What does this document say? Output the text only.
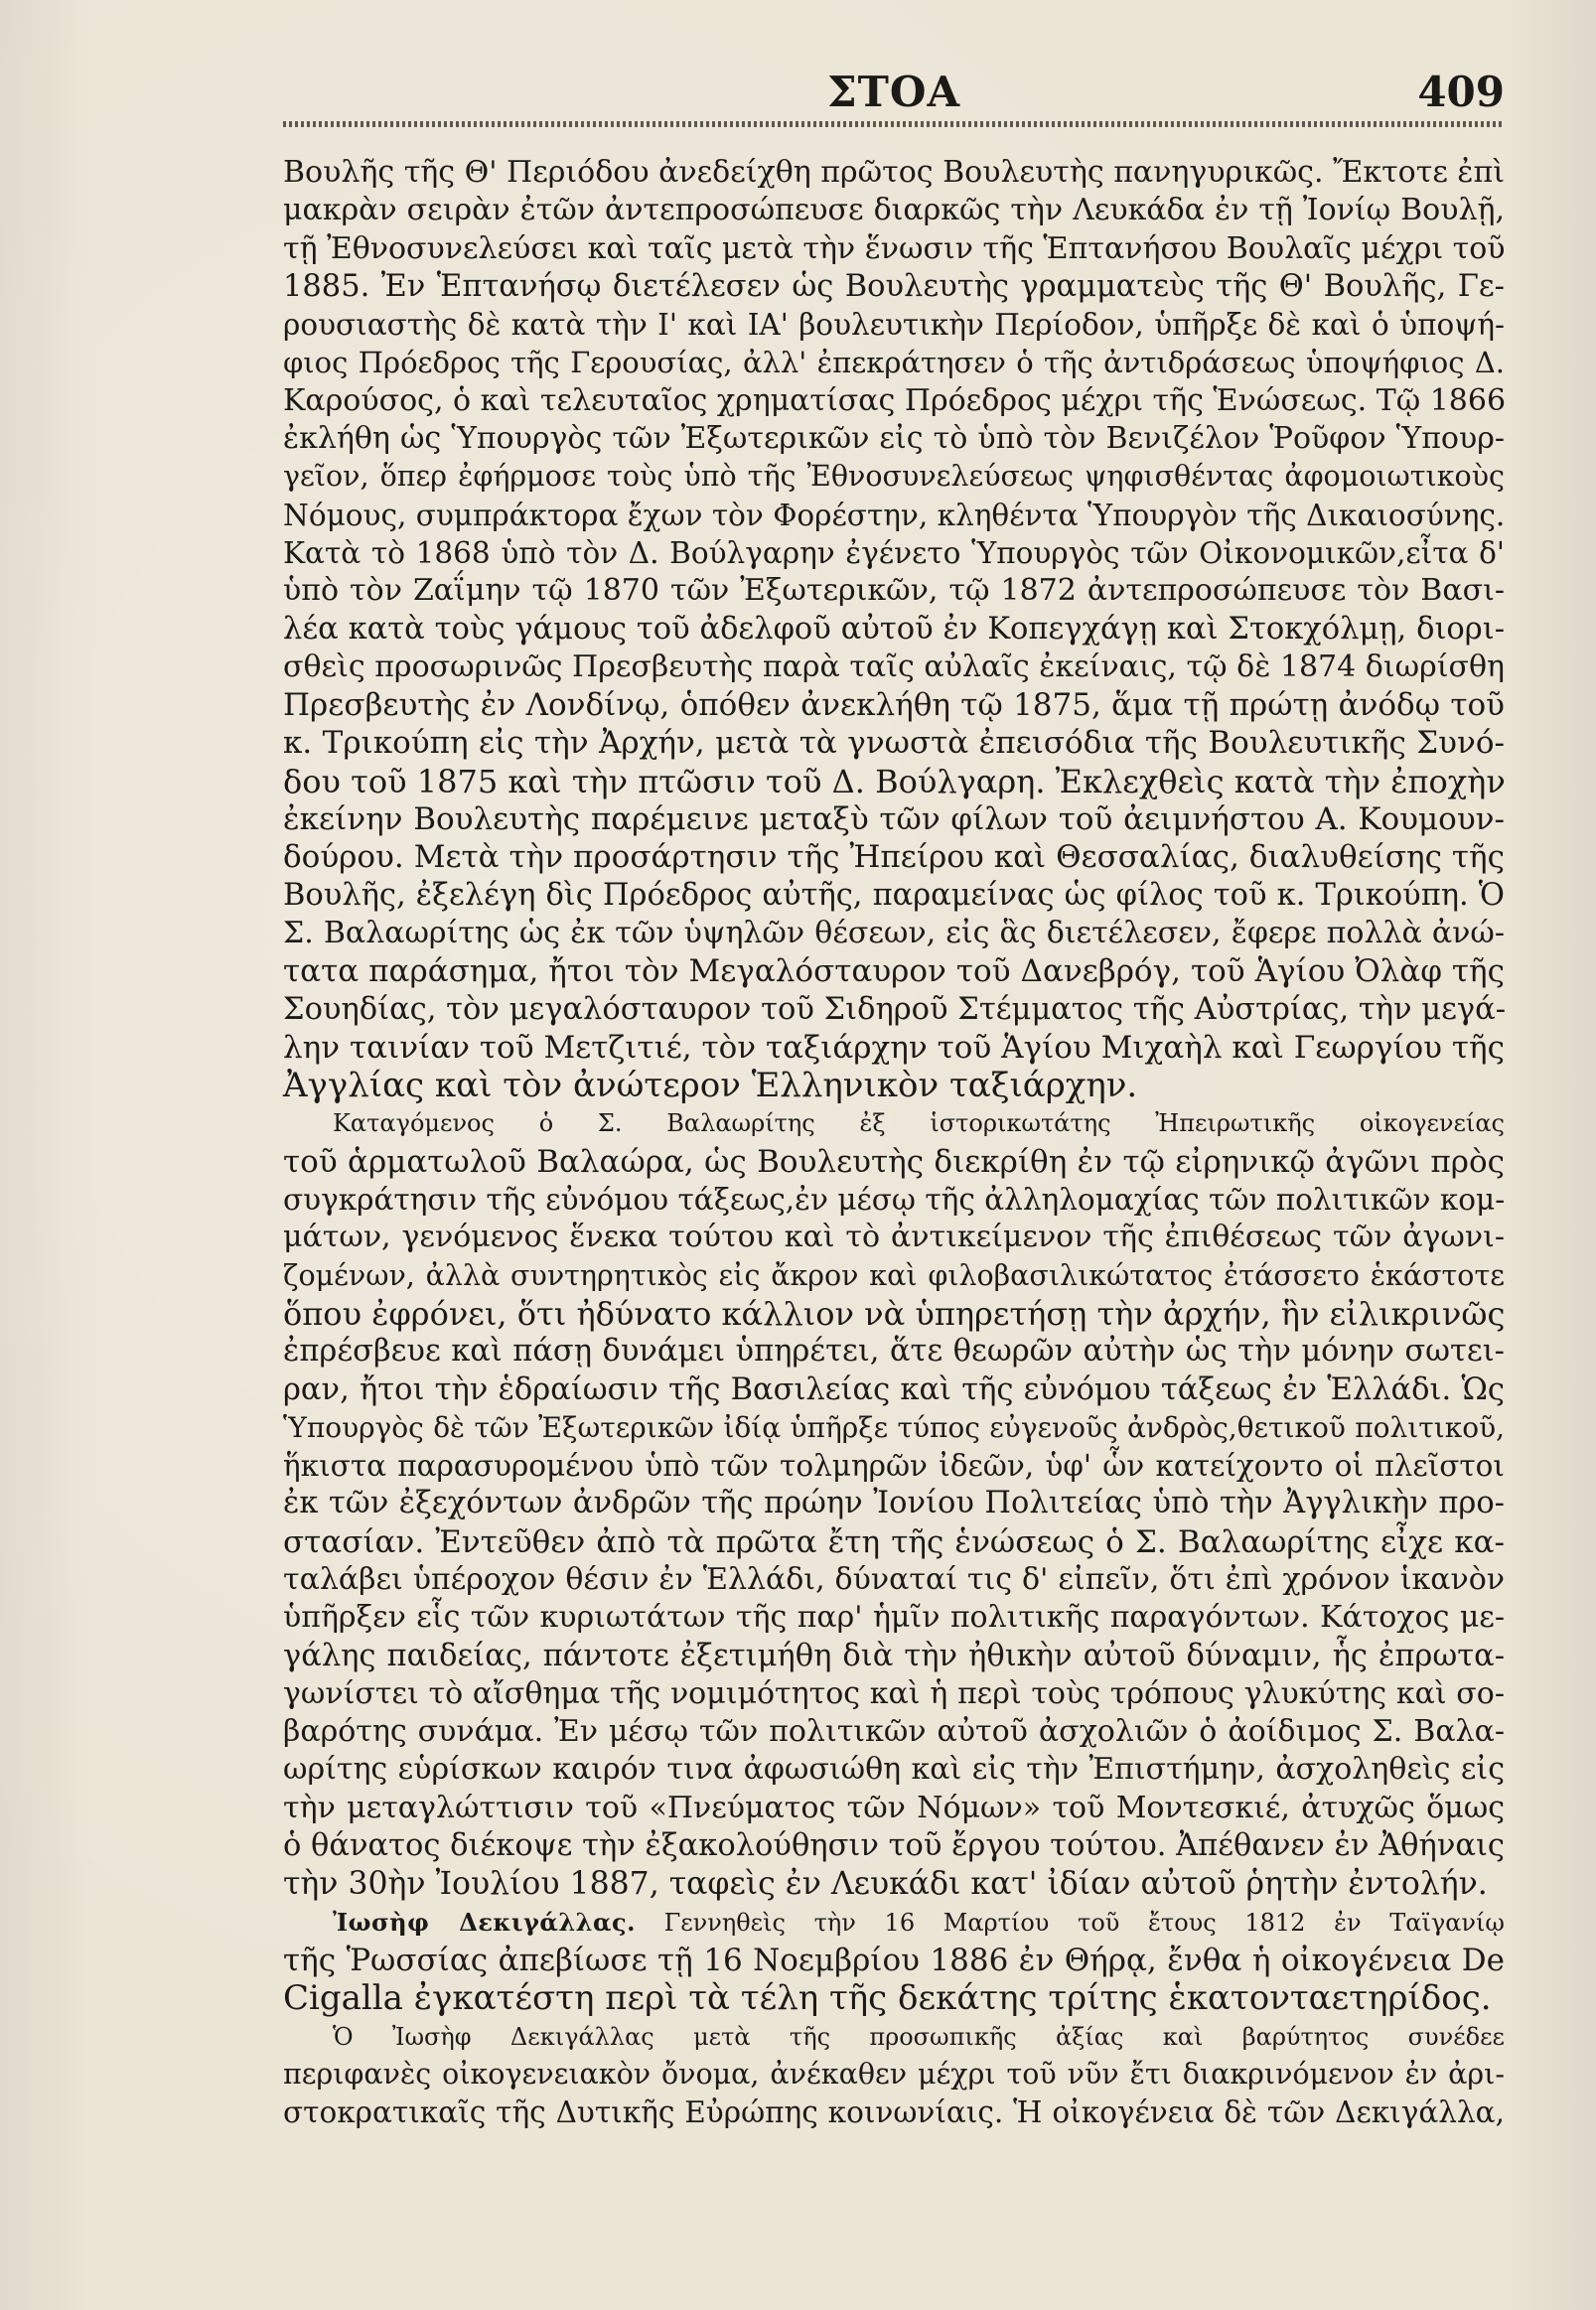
ΣΤΟΑ	409
Βουλῆς τῆς Θ' Περιόδου ἀνεδείχθη πρῶτος Βουλευτὴς πανηγυρικῶς. Ἔκτοτε ἐπὶ
μακρὰν σειρὰν ἐτῶν ἀντεπροσώπευσε διαρκῶς τὴν Λευκάδα ἐν τῇ Ἰονίῳ Βουλῇ,
τῇ Ἐθνοσυνελεύσει καὶ ταῖς μετὰ τὴν ἕνωσιν τῆς Ἑπτανήσου Βουλαῖς μέχρι τοῦ
1885. Ἐν Ἑπτανήσῳ διετέλεσεν ὡς Βουλευτὴς γραμματεὺς τῆς Θ' Βουλῆς, Γε-
ρουσιαστὴς δὲ κατὰ τὴν Ι' καὶ ΙΑ' βουλευτικὴν Περίοδον, ὑπῆρξε δὲ καὶ ὁ ὑποψή-
φιος Πρόεδρος τῆς Γερουσίας, ἀλλ' ἐπεκράτησεν ὁ τῆς ἀντιδράσεως ὑποψήφιος Δ.
Καρούσος, ὁ καὶ τελευταῖος χρηματίσας Πρόεδρος μέχρι τῆς Ἑνώσεως. Τῷ 1866
ἐκλήθη ὡς Ὑπουργὸς τῶν Ἐξωτερικῶν εἰς τὸ ὑπὸ τὸν Βενιζέλον Ῥοῦφον Ὑπουρ-
γεῖον, ὅπερ ἐφήρμοσε τοὺς ὑπὸ τῆς Ἐθνοσυνελεύσεως ψηφισθέντας ἀφομοιωτικοὺς
Νόμους, συμπράκτορα ἔχων τὸν Φορέστην, κληθέντα Ὑπουργὸν τῆς Δικαιοσύνης.
Κατὰ τὸ 1868 ὑπὸ τὸν Δ. Βούλγαρην ἐγένετο Ὑπουργὸς τῶν Οἰκονομικῶν,εἶτα δ'
ὑπὸ τὸν Ζαΐμην τῷ 1870 τῶν Ἐξωτερικῶν, τῷ 1872 ἀντεπροσώπευσε τὸν Βασι-
λέα κατὰ τοὺς γάμους τοῦ ἀδελφοῦ αὐτοῦ ἐν Κοπεγχάγῃ καὶ Στοκχόλμῃ, διορι-
σθεὶς προσωρινῶς Πρεσβευτὴς παρὰ ταῖς αὐλαῖς ἐκείναις, τῷ δὲ 1874 διωρίσθη
Πρεσβευτὴς ἐν Λονδίνῳ, ὁπόθεν ἀνεκλήθη τῷ 1875, ἅμα τῇ πρώτῃ ἀνόδῳ τοῦ
κ. Τρικούπη εἰς τὴν Ἀρχήν, μετὰ τὰ γνωστὰ ἐπεισόδια τῆς Βουλευτικῆς Συνό-
δου τοῦ 1875 καὶ τὴν πτῶσιν τοῦ Δ. Βούλγαρη. Ἐκλεχθεὶς κατὰ τὴν ἐποχὴν
ἐκείνην Βουλευτὴς παρέμεινε μεταξὺ τῶν φίλων τοῦ ἀειμνήστου Α. Κουμουν-
δούρου. Μετὰ τὴν προσάρτησιν τῆς Ἠπείρου καὶ Θεσσαλίας, διαλυθείσης τῆς
Βουλῆς, ἐξελέγη δὶς Πρόεδρος αὐτῆς, παραμείνας ὡς φίλος τοῦ κ. Τρικούπη. Ὁ
Σ. Βαλαωρίτης ὡς ἐκ τῶν ὑψηλῶν θέσεων, εἰς ἃς διετέλεσεν, ἔφερε πολλὰ ἀνώ-
τατα παράσημα, ἤτοι τὸν Μεγαλόσταυρον τοῦ Δανεβρόγ, τοῦ Ἁγίου Ὀλὰφ τῆς
Σουηδίας, τὸν μεγαλόσταυρον τοῦ Σιδηροῦ Στέμματος τῆς Αὐστρίας, τὴν μεγά-
λην ταινίαν τοῦ Μετζιτιέ, τὸν ταξιάρχην τοῦ Ἁγίου Μιχαὴλ καὶ Γεωργίου τῆς
Ἀγγλίας καὶ τὸν ἀνώτερον Ἑλληνικὸν ταξιάρχην.
Καταγόμενος ὁ Σ. Βαλαωρίτης ἐξ ἱστορικωτάτης Ἠπειρωτικῆς οἰκογενείας
τοῦ ἁρματωλοῦ Βαλαώρα, ὡς Βουλευτὴς διεκρίθη ἐν τῷ εἰρηνικῷ ἀγῶνι πρὸς
συγκράτησιν τῆς εὐνόμου τάξεως,ἐν μέσῳ τῆς ἀλληλομαχίας τῶν πολιτικῶν κομ-
μάτων, γενόμενος ἕνεκα τούτου καὶ τὸ ἀντικείμενον τῆς ἐπιθέσεως τῶν ἀγωνι-
ζομένων, ἀλλὰ συντηρητικὸς εἰς ἄκρον καὶ φιλοβασιλικώτατος ἐτάσσετο ἑκάστοτε
ὅπου ἐφρόνει, ὅτι ἠδύνατο κάλλιον νὰ ὑπηρετήσῃ τὴν ἀρχήν, ἣν εἰλικρινῶς
ἐπρέσβευε καὶ πάσῃ δυνάμει ὑπηρέτει, ἅτε θεωρῶν αὐτὴν ὡς τὴν μόνην σωτει-
ραν, ἤτοι τὴν ἑδραίωσιν τῆς Βασιλείας καὶ τῆς εὐνόμου τάξεως ἐν Ἑλλάδι. Ὡς
Ὑπουργὸς δὲ τῶν Ἐξωτερικῶν ἰδίᾳ ὑπῆρξε τύπος εὐγενοῦς ἀνδρὸς,θετικοῦ πολιτικοῦ,
ἥκιστα παρασυρομένου ὑπὸ τῶν τολμηρῶν ἰδεῶν, ὑφ' ὧν κατείχοντο οἱ πλεῖστοι
ἐκ τῶν ἐξεχόντων ἀνδρῶν τῆς πρώην Ἰονίου Πολιτείας ὑπὸ τὴν Ἀγγλικὴν προ-
στασίαν. Ἐντεῦθεν ἀπὸ τὰ πρῶτα ἔτη τῆς ἑνώσεως ὁ Σ. Βαλαωρίτης εἶχε κα-
ταλάβει ὑπέροχον θέσιν ἐν Ἑλλάδι, δύναταί τις δ' εἰπεῖν, ὅτι ἐπὶ χρόνον ἱκανὸν
ὑπῆρξεν εἷς τῶν κυριωτάτων τῆς παρ' ἡμῖν πολιτικῆς παραγόντων. Κάτοχος με-
γάλης παιδείας, πάντοτε ἐξετιμήθη διὰ τὴν ἠθικὴν αὐτοῦ δύναμιν, ἧς ἐπρωτα-
γωνίστει τὸ αἴσθημα τῆς νομιμότητος καὶ ἡ περὶ τοὺς τρόπους γλυκύτης καὶ σο-
βαρότης συνάμα. Ἐν μέσῳ τῶν πολιτικῶν αὐτοῦ ἀσχολιῶν ὁ ἀοίδιμος Σ. Βαλα-
ωρίτης εὑρίσκων καιρόν τινα ἀφωσιώθη καὶ εἰς τὴν Ἐπιστήμην, ἀσχοληθεὶς εἰς
τὴν μεταγλώττισιν τοῦ «Πνεύματος τῶν Νόμων» τοῦ Μοντεσκιέ, ἀτυχῶς ὅμως
ὁ θάνατος διέκοψε τὴν ἐξακολούθησιν τοῦ ἔργου τούτου. Ἀπέθανεν ἐν Ἀθήναις
τὴν 30ὴν Ἰουλίου 1887, ταφεὶς ἐν Λευκάδι κατ' ἰδίαν αὐτοῦ ῥητὴν ἐντολήν.
Ἰωσὴφ Δεκιγάλλας. Γεννηθεὶς τὴν 16 Μαρτίου τοῦ ἔτους 1812 ἐν Ταϊγανίῳ
τῆς Ῥωσσίας ἀπεβίωσε τῇ 16 Νοεμβρίου 1886 ἐν Θήρᾳ, ἔνθα ἡ οἰκογένεια De
Cigalla ἐγκατέστη περὶ τὰ τέλη τῆς δεκάτης τρίτης ἑκατονταετηρίδος.
Ὁ Ἰωσὴφ Δεκιγάλλας μετὰ τῆς προσωπικῆς ἀξίας καὶ βαρύτητος συνέδεε
περιφανὲς οἰκογενειακὸν ὄνομα, ἀνέκαθεν μέχρι τοῦ νῦν ἔτι διακρινόμενον ἐν ἀρι-
στοκρατικαῖς τῆς Δυτικῆς Εὐρώπης κοινωνίαις. Ἡ οἰκογένεια δὲ τῶν Δεκιγάλλα,
